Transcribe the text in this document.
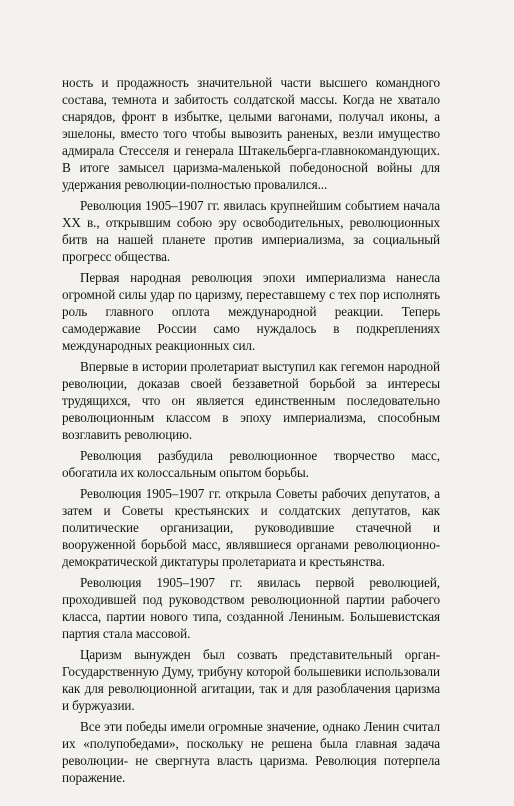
ность и продажность значительной части высшего командного состава, темнота и забитость солдатской массы. Когда не хватало снарядов, фронт в избытке, целыми вагонами, получал иконы, а эшелоны, вместо того чтобы вывозить раненых, везли имущество адмирала Стесселя и генерала Штакельберга-главнокомандующих. В итоге замысел царизма-маленькой победоносной войны для удержания революции-полностью провалился...

Революция 1905–1907 гг. явилась крупнейшим событием начала XX в., открывшим собою эру освободительных, революционных битв на нашей планете против империализма, за социальный прогресс общества.

Первая народная революция эпохи империализма нанесла огромной силы удар по царизму, переставшему с тех пор исполнять роль главного оплота международной реакции. Теперь самодержавие России само нуждалось в подкреплениях международных реакционных сил.

Впервые в истории пролетариат выступил как гегемон народной революции, доказав своей беззаветной борьбой за интересы трудящихся, что он является единственным последовательно революционным классом в эпоху империализма, способным возглавить революцию.

Революция разбудила революционное творчество масс, обогатила их колоссальным опытом борьбы.

Революция 1905–1907 гг. открыла Советы рабочих депутатов, а затем и Советы крестьянских и солдатских депутатов, как политические организации, руководившие стачечной и вооруженной борьбой масс, являвшиеся органами революционно-демократической диктатуры пролетариата и крестьянства.

Революция 1905–1907 гг. явилась первой революцией, проходившей под руководством революционной партии рабочего класса, партии нового типа, созданной Лениным. Большевистская партия стала массовой.

Царизм вынужден был созвать представительный орган-Государственную Думу, трибуну которой большевики использовали как для революционной агитации, так и для разоблачения царизма и буржуазии.

Все эти победы имели огромные значение, однако Ленин считал их «полупобедами», поскольку не решена была главная задача революции- не свергнута власть царизма. Революция потерпела поражение.
